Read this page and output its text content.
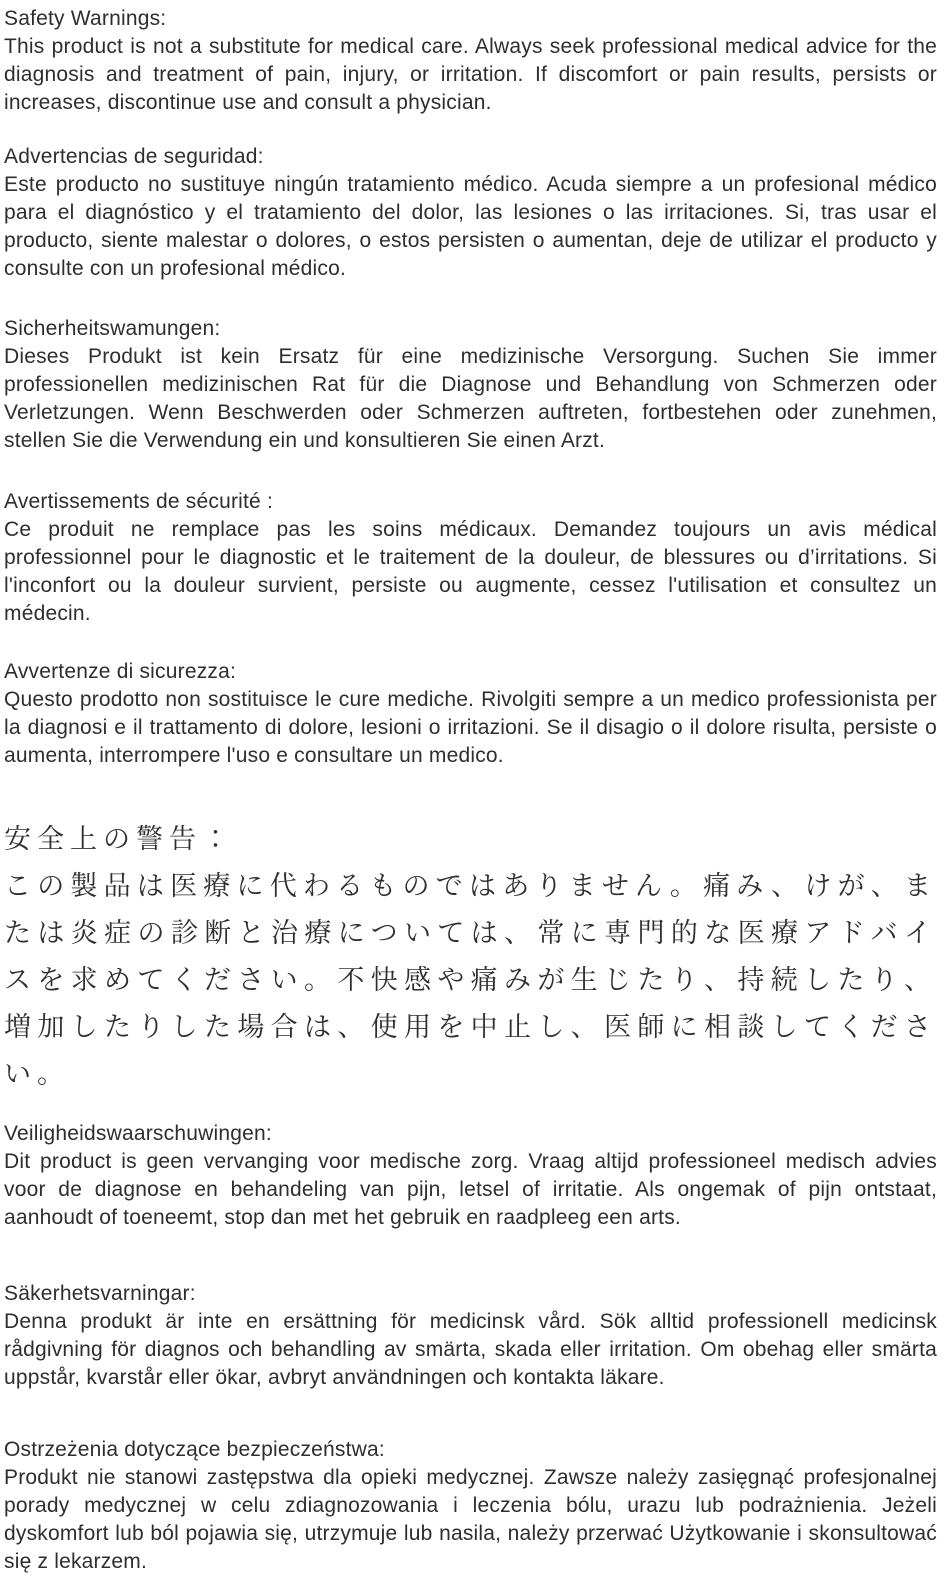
Safety Warnings:

This product is not a substitute for medical care. Always seek professional medical advice for the diagnosis and treatment of pain, injury, or irritation. If discomfort or pain results, persists or increases, discontinue use and consult a physician.

Advertencias de seguridad:

Este producto no sustituye ningún tratamiento médico. Acuda siempre a un profesional médico para el diagnóstico y el tratamiento del dolor, las lesiones o las irritaciones. Si, tras usar el producto, siente malestar o dolores, o estos persisten o aumentan, deje de utilizar el producto y consulte con un profesional médico.

Sicherheitswamungen:

Dieses Produkt ist kein Ersatz für eine medizinische Versorgung. Suchen Sie immer professionellen medizinischen Rat für die Diagnose und Behandlung von Schmerzen oder Verletzungen. Wenn Beschwerden oder Schmerzen auftreten, fortbestehen oder zunehmen, stellen Sie die Verwendung ein und konsultieren Sie einen Arzt.

Avertissements de sécurité :

Ce produit ne remplace pas les soins médicaux. Demandez toujours un avis médical professionnel pour le diagnostic et le traitement de la douleur, de blessures ou d’irritations. Si l'inconfort ou la douleur survient, persiste ou augmente, cessez l'utilisation et consultez un médecin.

Avvertenze di sicurezza:

Questo prodotto non sostituisce le cure mediche. Rivolgiti sempre a un medico professionista per la diagnosi e il trattamento di dolore, lesioni o irritazioni. Se il disagio o il dolore risulta, persiste o aumenta, interrompere l'uso e consultare un medico.

安全上の警告：

この製品は医療に代わるものではありません。痛み、けが、または炎症の診断と治療については、常に専門的な医療アドバイスを求めてください。不快感や痛みが生じたり、持続したり、増加したりした場合は、使用を中止し、医師に相談してください。

Veiligheidswaarschuwingen:

Dit product is geen vervanging voor medische zorg. Vraag altijd professioneel medisch advies voor de diagnose en behandeling van pijn, letsel of irritatie. Als ongemak of pijn ontstaat, aanhoudt of toeneemt, stop dan met het gebruik en raadpleeg een arts.

Säkerhetsvarningar:

Denna produkt är inte en ersättning för medicinsk vård. Sök alltid professionell medicinsk rådgivning för diagnos och behandling av smärta, skada eller irritation. Om obehag eller smärta uppstår, kvarstår eller ökar, avbryt användningen och kontakta läkare.

Ostrzeżenia dotyczące bezpieczeństwa:

Produkt nie stanowi zastępstwa dla opieki medycznej. Zawsze należy zasięgnąć profesjonalnej porady medycznej w celu zdiagnozowania i leczenia bólu, urazu lub podrażnienia. Jeżeli dyskomfort lub ból pojawia się, utrzymuje lub nasila, należy przerwać Użytkowanie i skonsultować się z lekarzem.
